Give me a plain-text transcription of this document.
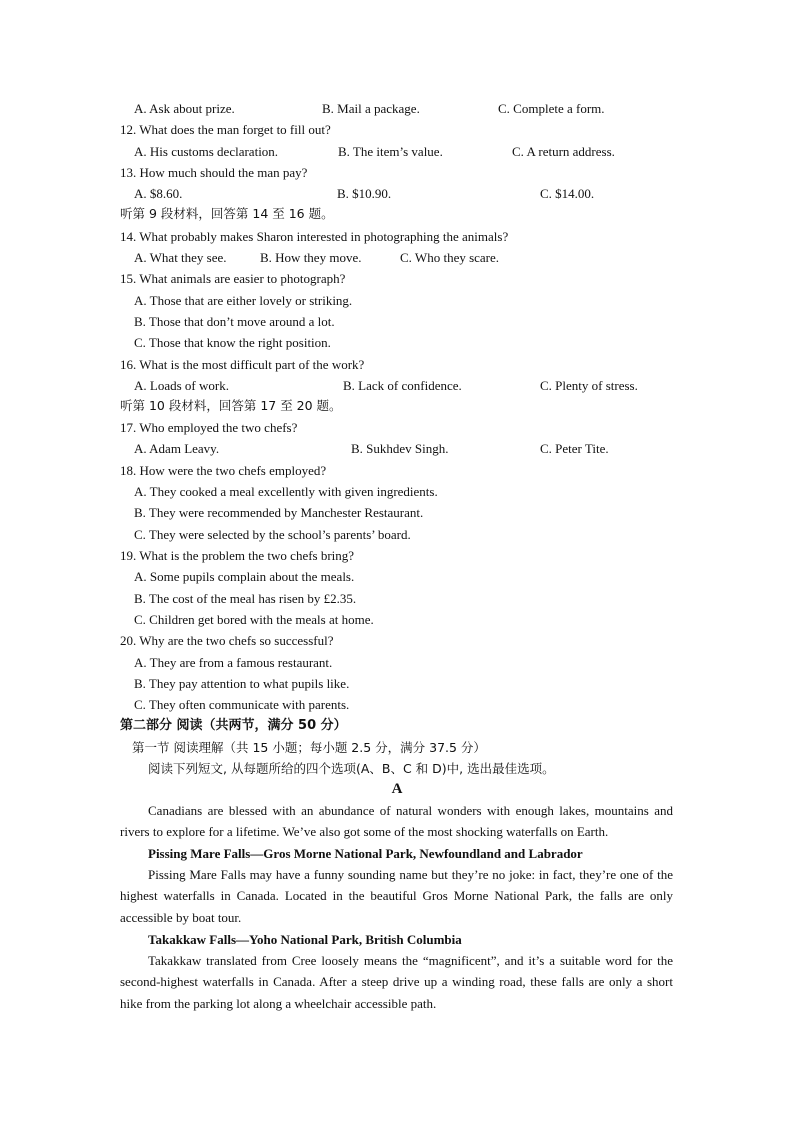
A. Ask about prize.	B. Mail a package.	C. Complete a form.
12. What does the man forget to fill out?
A. His customs declaration.	B. The item’s value.	C. A return address.
13. How much should the man pay?
A. $8.60.	B. $10.90.	C. $14.00.
听第 9 段材料，回答第 14 至 16 题。
14. What probably makes Sharon interested in photographing the animals?
A. What they see.	B. How they move.	C. Who they scare.
15. What animals are easier to photograph?
A. Those that are either lovely or striking.
B. Those that don’t move around a lot.
C. Those that know the right position.
16. What is the most difficult part of the work?
A. Loads of work.	B. Lack of confidence.	C. Plenty of stress.
听第 10 段材料，回答第 17 至 20 题。
17. Who employed the two chefs?
A. Adam Leavy.	B. Sukhdev Singh.	C. Peter Tite.
18. How were the two chefs employed?
A. They cooked a meal excellently with given ingredients.
B. They were recommended by Manchester Restaurant.
C. They were selected by the school’s parents’ board.
19. What is the problem the two chefs bring?
A. Some pupils complain about the meals.
B. The cost of the meal has risen by £2.35.
C. Children get bored with the meals at home.
20. Why are the two chefs so successful?
A. They are from a famous restaurant.
B. They pay attention to what pupils like.
C. They often communicate with parents.
第二部分 阅读（共两节，满分 50 分）
第一节 阅读理解（共 15 小题；每小题 2.5 分，满分 37.5 分）
阅读下列短文, 从每题所给的四个选项(A、B、C 和 D)中, 选出最佳选项。
A
Canadians are blessed with an abundance of natural wonders with enough lakes, mountains and rivers to explore for a lifetime. We’ve also got some of the most shocking waterfalls on Earth.
Pissing Mare Falls—Gros Morne National Park, Newfoundland and Labrador
Pissing Mare Falls may have a funny sounding name but they’re no joke: in fact, they’re one of the highest waterfalls in Canada. Located in the beautiful Gros Morne National Park, the falls are only accessible by boat tour.
Takakkaw Falls—Yoho National Park, British Columbia
Takakkaw translated from Cree loosely means the “magnificent”, and it’s a suitable word for the second-highest waterfalls in Canada. After a steep drive up a winding road, these falls are only a short hike from the parking lot along a wheelchair accessible path.
